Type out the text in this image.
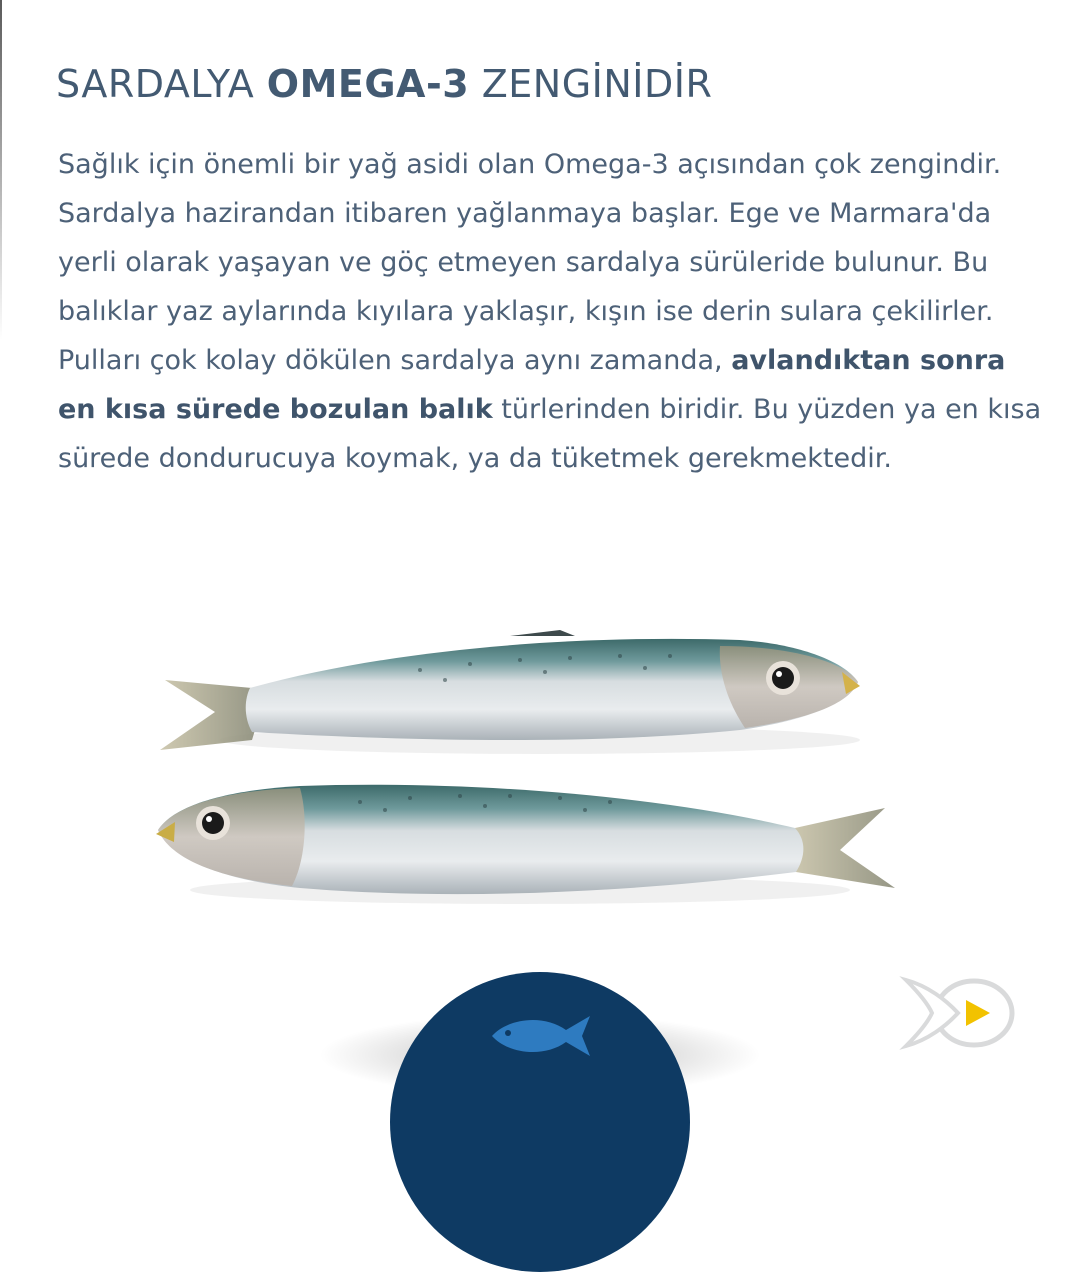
SARDALYA OMEGA-3 ZENGİNİDİR

Sağlık için önemli bir yağ asidi olan Omega-3 açısından çok zengindir. Sardalya hazirandan itibaren yağlanmaya başlar. Ege ve Marmara'da yerli olarak yaşayan ve göç etmeyen sardalya sürüleride bulunur. Bu balıklar yaz aylarında kıyılara yaklaşır, kışın ise derin sulara çekilirler. Pulları çok kolay dökülen sardalya aynı zamanda, avlandıktan sonra en kısa sürede bozulan balık türlerinden biridir. Bu yüzden ya en kısa sürede dondurucuya koymak, ya da tüketmek gerekmektedir.
